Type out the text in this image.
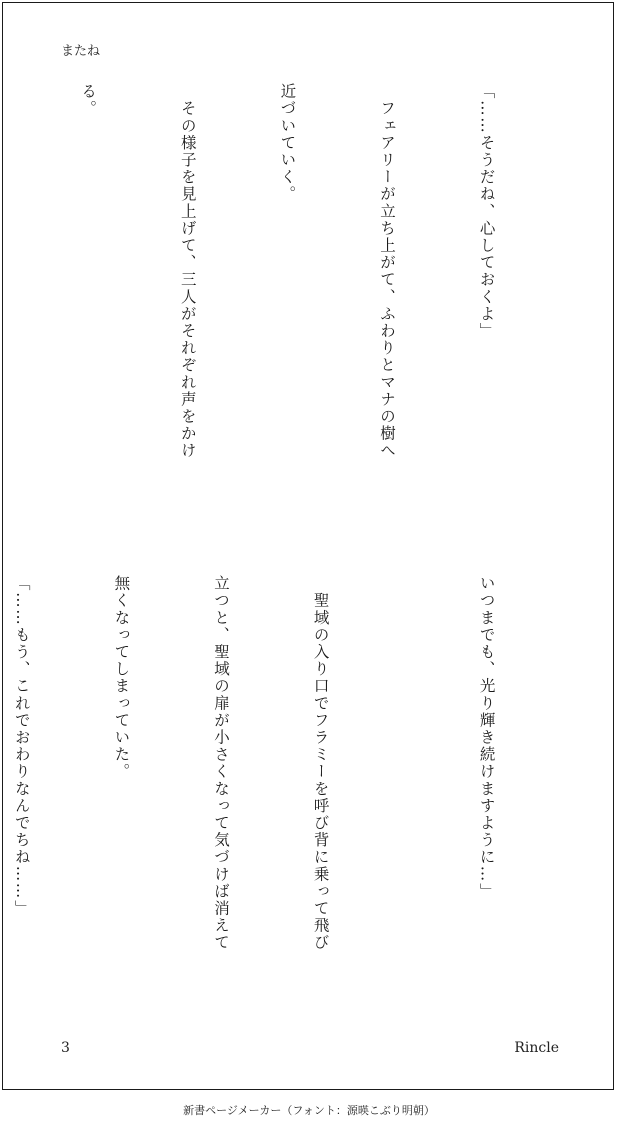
またね

「……そうだね、心しておくよ」

　フェアリーが立ち上がて、ふわりとマナの樹へ

近づいていく。

　その様子を見上げて、三人がそれぞれ声をかけ

る。

いつまでも、光り輝き続けますように…」

　聖域の入り口でフラミーを呼び背に乗って飛び

立つと、聖域の扉が小さくなって気づけば消えて

無くなってしまっていた。

「……もう、これでおわりなんでちね……」

3	Rincle
新書ページメーカー（フォント：源暎こぶり明朝）
